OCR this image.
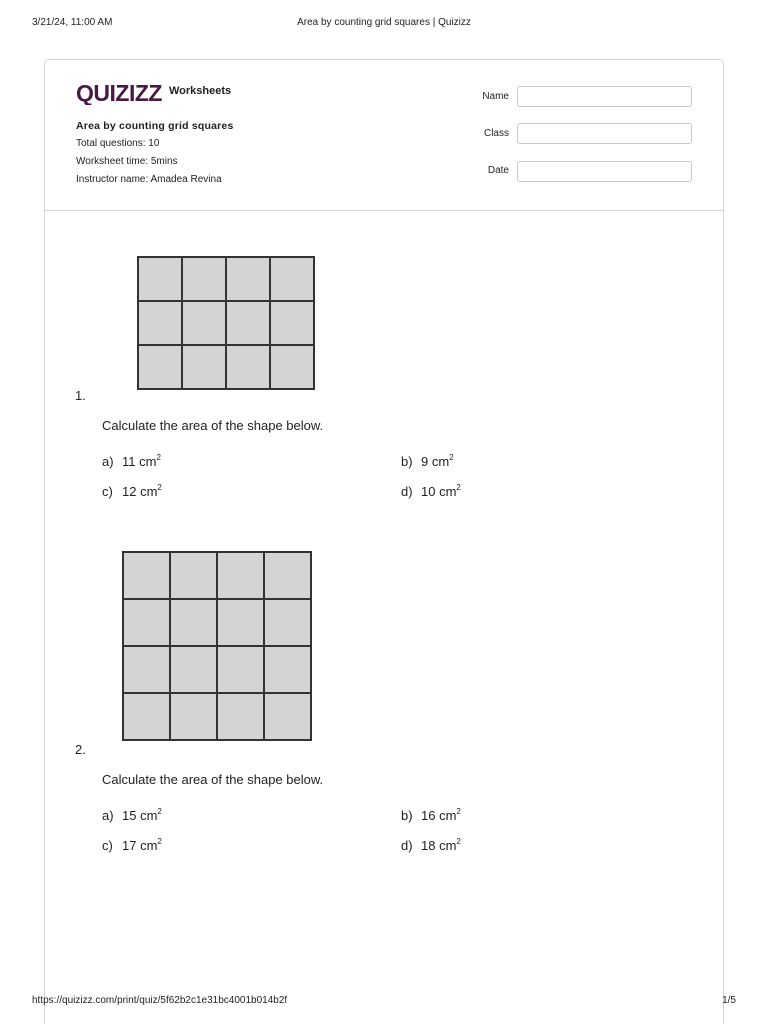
3/21/24, 11:00 AM	Area by counting grid squares | Quizizz
QUIZIZZ Worksheets
Area by counting grid squares
Total questions: 10
Worksheet time: 5mins
Instructor name: Amadea Revina
Name
Class
Date
1.
Calculate the area of the shape below.
a) 11 $cm^2$	b) 9 $cm^2$
c) 12 $cm^2$	d) 10 $cm^2$
2.
Calculate the area of the shape below.
a) 15 $cm^2$	b) 16 $cm^2$
c) 17 $cm^2$	d) 18 $cm^2$
https://quizizz.com/print/quiz/5f62b2c1e31bc4001b014b2f	1/5
